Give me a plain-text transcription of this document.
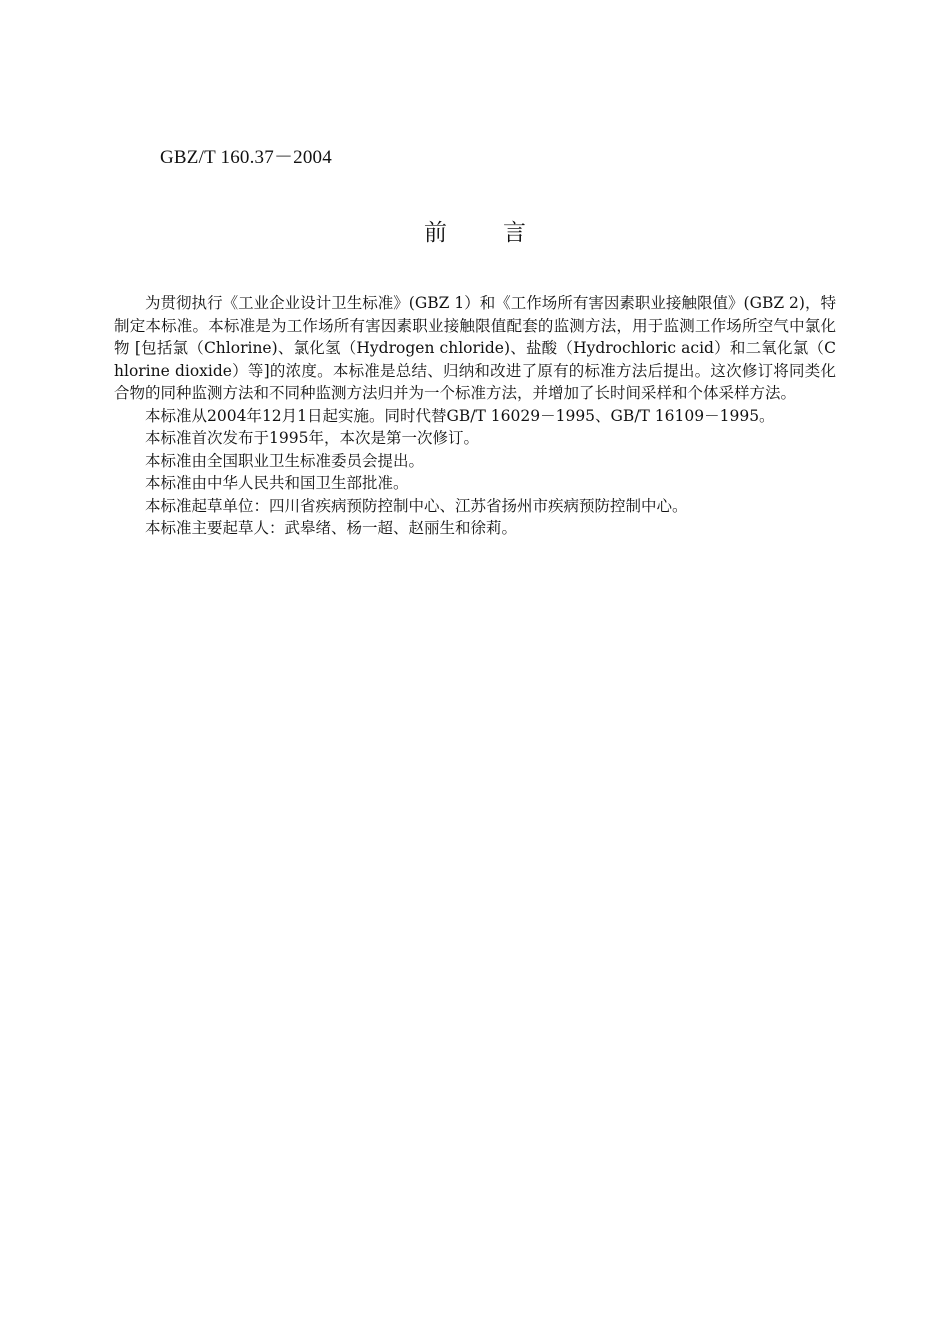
GBZ/T 160.37－2004
前言

为贯彻执行《工业企业设计卫生标准》(GBZ 1）和《工作场所有害因素职业接触限值》(GBZ 2)，特制定本标准。本标准是为工作场所有害因素职业接触限值配套的监测方法，用于监测工作场所空气中氯化物 [包括氯（Chlorine)、氯化氢（Hydrogen chloride)、盐酸（Hydrochloric acid）和二氧化氯（Chlorine dioxide）等]的浓度。本标准是总结、归纳和改进了原有的标准方法后提出。这次修订将同类化合物的同种监测方法和不同种监测方法归并为一个标准方法，并增加了长时间采样和个体采样方法。

本标准从2004年12月1日起实施。同时代替GB/T 16029－1995、GB/T 16109－1995。

本标准首次发布于1995年，本次是第一次修订。

本标准由全国职业卫生标准委员会提出。

本标准由中华人民共和国卫生部批准。

本标准起草单位：四川省疾病预防控制中心、江苏省扬州市疾病预防控制中心。

本标准主要起草人：武皋绪、杨一超、赵丽生和徐莉。
